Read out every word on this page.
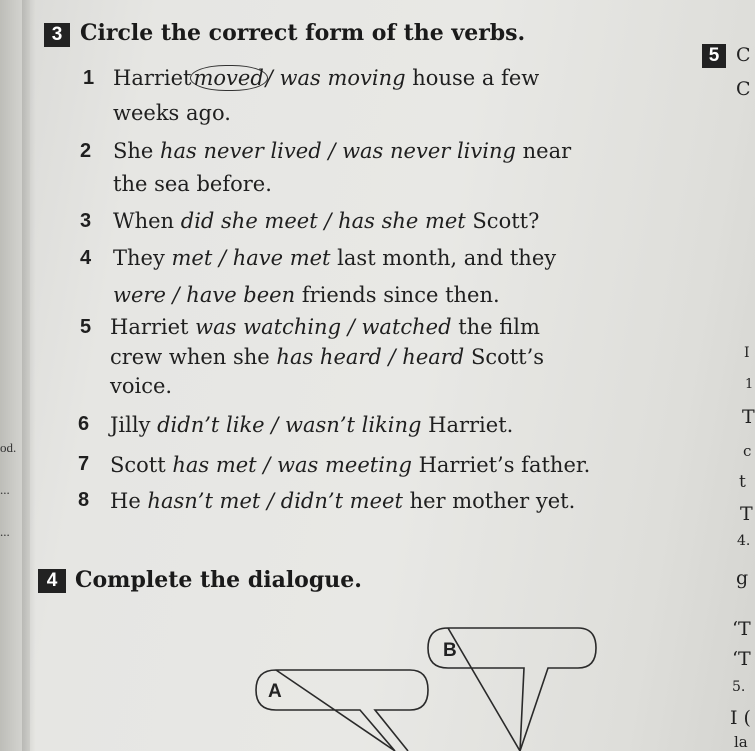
od.
...
...
3 Circle the correct form of the verbs.
1 Harrietmoved/ was moving house a few
weeks ago.
2 She has never lived / was never living near
the sea before.
3 When did she meet / has she met Scott?
4 They met / have met last month, and they
were / have been friends since then.
5 Harriet was watching / watched the film
crew when she has heard / heard Scott’s
voice.
6 Jilly didn’t like / wasn’t liking Harriet.
7 Scott has met / was meeting Harriet’s father.
8 He hasn’t met / didn’t meet her mother yet.
4 Complete the dialogue.
B
A
5 C
C
I
1
T
c
t
T
4.
g
‘T
‘T
5.
I (
la
